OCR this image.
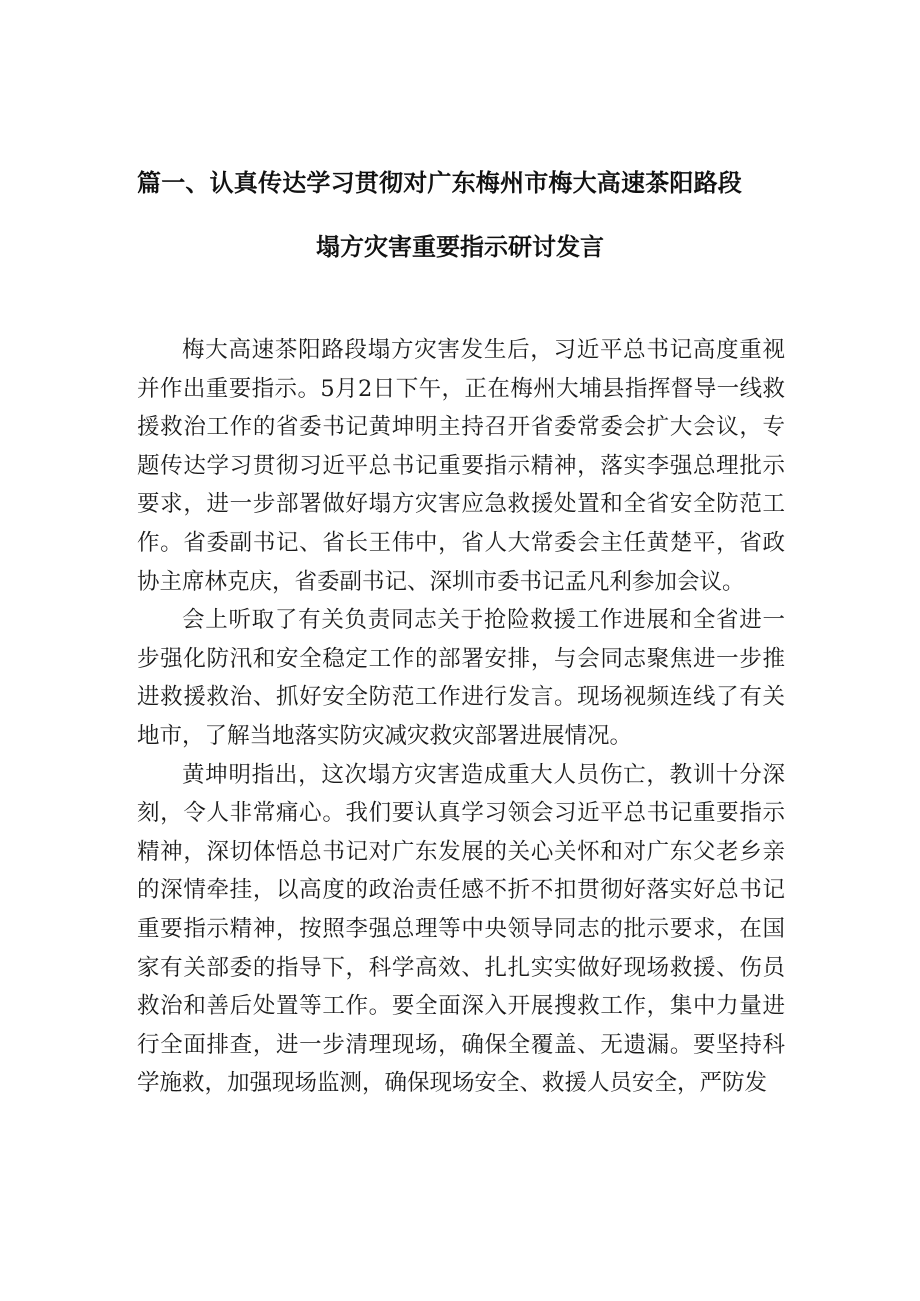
篇一、认真传达学习贯彻对广东梅州市梅大高速茶阳路段
塌方灾害重要指示研讨发言

梅大高速茶阳路段塌方灾害发生后，习近平总书记高度重视并作出重要指示。5月2日下午，正在梅州大埔县指挥督导一线救援救治工作的省委书记黄坤明主持召开省委常委会扩大会议，专题传达学习贯彻习近平总书记重要指示精神，落实李强总理批示要求，进一步部署做好塌方灾害应急救援处置和全省安全防范工作。省委副书记、省长王伟中，省人大常委会主任黄楚平，省政协主席林克庆，省委副书记、深圳市委书记孟凡利参加会议。

会上听取了有关负责同志关于抢险救援工作进展和全省进一步强化防汛和安全稳定工作的部署安排，与会同志聚焦进一步推进救援救治、抓好安全防范工作进行发言。现场视频连线了有关地市，了解当地落实防灾减灾救灾部署进展情况。

黄坤明指出，这次塌方灾害造成重大人员伤亡，教训十分深刻，令人非常痛心。我们要认真学习领会习近平总书记重要指示精神，深切体悟总书记对广东发展的关心关怀和对广东父老乡亲的深情牵挂，以高度的政治责任感不折不扣贯彻好落实好总书记重要指示精神，按照李强总理等中央领导同志的批示要求，在国家有关部委的指导下，科学高效、扎扎实实做好现场救援、伤员救治和善后处置等工作。要全面深入开展搜救工作，集中力量进行全面排查，进一步清理现场，确保全覆盖、无遗漏。要坚持科学施救，加强现场监测，确保现场安全、救援人员安全，严防发
